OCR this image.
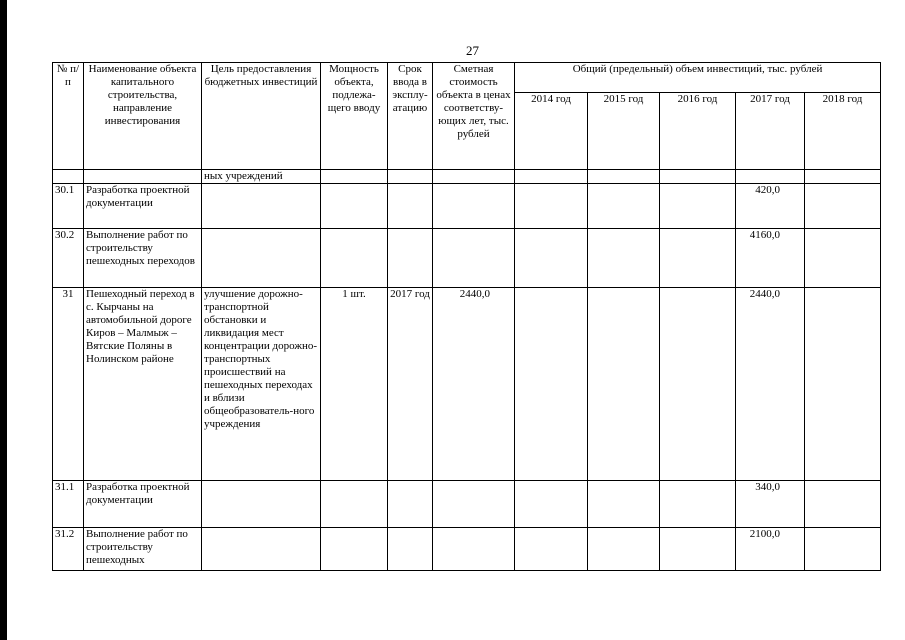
27
№ п/п	Наименование объекта капитального строительства, направление инвестирования	Цель предоставления бюджетных инвестиций	Мощность объекта, подлежа-щего вводу	Срок ввода в эксплу-атацию	Сметная стоимость объекта в ценах соответству-ющих лет, тыс. рублей	Общий (предельный) объем инвестиций, тыс. рублей				
						2014 год	2015 год	2016 год	2017 год	2018 год
		ных учреждений								
30.1	Разработка проектной документации								420,0	
30.2	Выполнение работ по строительству пешеходных переходов								4160,0	
31	Пешеходный переход в с. Кырчаны на автомобильной дороге Киров – Малмыж – Вятские Поляны в Нолинском районе	улучшение дорожно-транспортной обстановки и ликвидация мест концентрации дорожно-транспортных происшествий на пешеходных переходах и вблизи общеобразователь-ного учреждения	1 шт.	2017 год	2440,0				2440,0	
31.1	Разработка проектной документации								340,0	
31.2	Выполнение работ по строительству пешеходных								2100,0	
